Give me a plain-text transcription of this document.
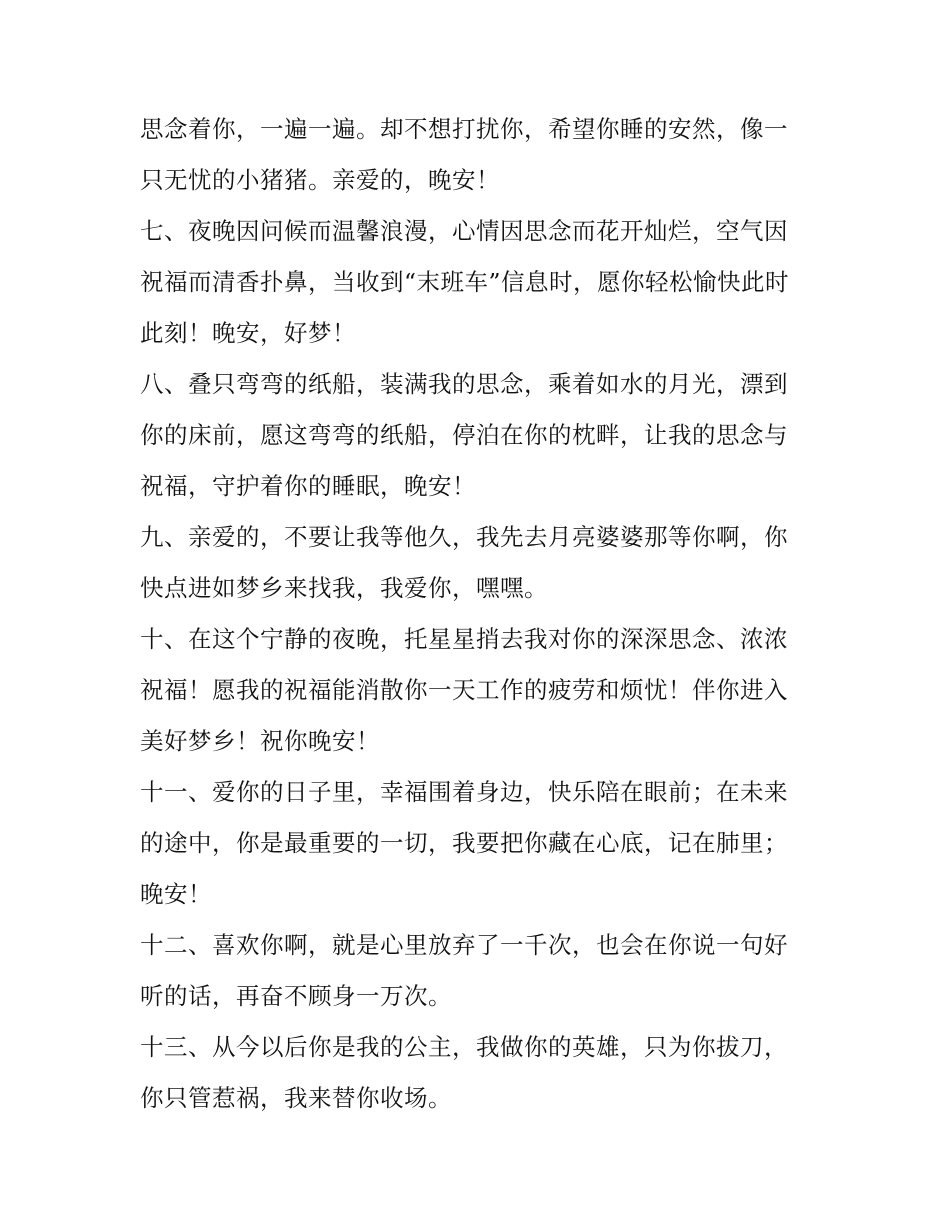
思念着你，一遍一遍。却不想打扰你，希望你睡的安然，像一
只无忧的小猪猪。亲爱的，晚安！
七、夜晚因问候而温馨浪漫，心情因思念而花开灿烂，空气因
祝福而清香扑鼻，当收到“末班车”信息时，愿你轻松愉快此时
此刻！晚安，好梦！
八、叠只弯弯的纸船，装满我的思念，乘着如水的月光，漂到
你的床前，愿这弯弯的纸船，停泊在你的枕畔，让我的思念与
祝福，守护着你的睡眠，晚安！
九、亲爱的，不要让我等他久，我先去月亮婆婆那等你啊，你
快点进如梦乡来找我，我爱你，嘿嘿。
十、在这个宁静的夜晚，托星星捎去我对你的深深思念、浓浓
祝福！愿我的祝福能消散你一天工作的疲劳和烦忧！伴你进入
美好梦乡！祝你晚安！
十一、爱你的日子里，幸福围着身边，快乐陪在眼前；在未来
的途中，你是最重要的一切，我要把你藏在心底，记在肺里；
晚安！
十二、喜欢你啊，就是心里放弃了一千次，也会在你说一句好
听的话，再奋不顾身一万次。
十三、从今以后你是我的公主，我做你的英雄，只为你拔刀，
你只管惹祸，我来替你收场。
